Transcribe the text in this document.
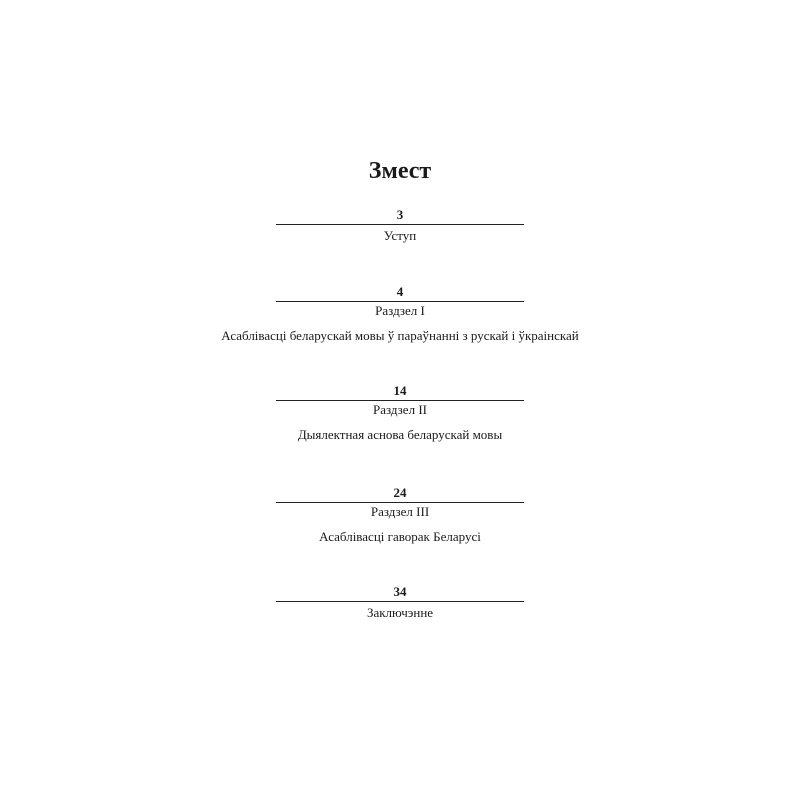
Змест
3
Уступ
4
Раздзел I
Асаблівасці беларускай мовы ў параўнанні з рускай і ўкраінскай
14
Раздзел II
Дыялектная аснова беларускай мовы
24
Раздзел III
Асаблівасці гаворак Беларусі
34
Заключэнне
